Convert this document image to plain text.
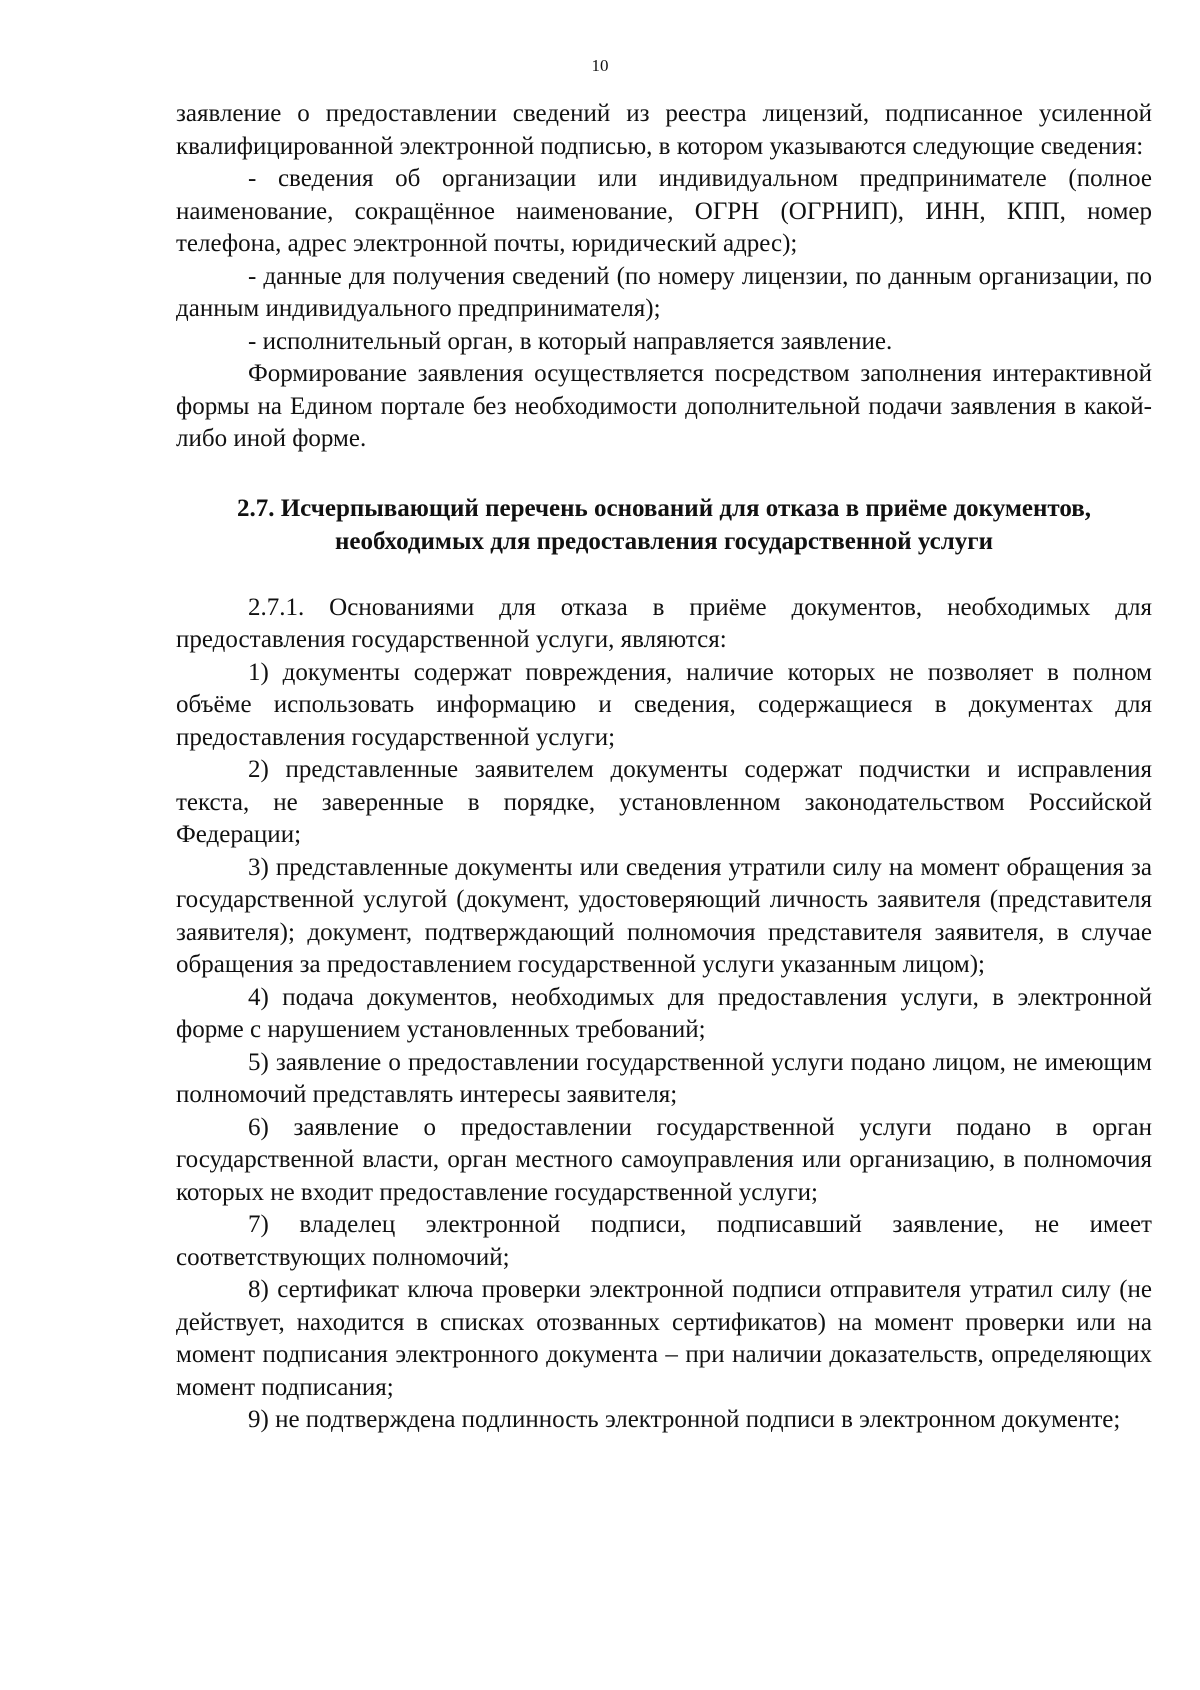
10

заявление о предоставлении сведений из реестра лицензий, подписанное усиленной квалифицированной электронной подписью, в котором указываются следующие сведения:

- сведения об организации или индивидуальном предпринимателе (полное наименование, сокращённое наименование, ОГРН (ОГРНИП), ИНН, КПП, номер телефона, адрес электронной почты, юридический адрес);

- данные для получения сведений (по номеру лицензии, по данным организации, по данным индивидуального предпринимателя);

- исполнительный орган, в который направляется заявление.

Формирование заявления осуществляется посредством заполнения интерактивной формы на Едином портале без необходимости дополнительной подачи заявления в какой-либо иной форме.

2.7. Исчерпывающий перечень оснований для отказа в приёме документов, необходимых для предоставления государственной услуги

2.7.1. Основаниями для отказа в приёме документов, необходимых для предоставления государственной услуги, являются:

1) документы содержат повреждения, наличие которых не позволяет в полном объёме использовать информацию и сведения, содержащиеся в документах для предоставления государственной услуги;

2) представленные заявителем документы содержат подчистки и исправления текста, не заверенные в порядке, установленном законодательством Российской Федерации;

3) представленные документы или сведения утратили силу на момент обращения за государственной услугой (документ, удостоверяющий личность заявителя (представителя заявителя); документ, подтверждающий полномочия представителя заявителя, в случае обращения за предоставлением государственной услуги указанным лицом);

4) подача документов, необходимых для предоставления услуги, в электронной форме с нарушением установленных требований;

5) заявление о предоставлении государственной услуги подано лицом, не имеющим полномочий представлять интересы заявителя;

6) заявление о предоставлении государственной услуги подано в орган государственной власти, орган местного самоуправления или организацию, в полномочия которых не входит предоставление государственной услуги;

7) владелец электронной подписи, подписавший заявление, не имеет соответствующих полномочий;

8) сертификат ключа проверки электронной подписи отправителя утратил силу (не действует, находится в списках отозванных сертификатов) на момент проверки или на момент подписания электронного документа – при наличии доказательств, определяющих момент подписания;

9) не подтверждена подлинность электронной подписи в электронном документе;
